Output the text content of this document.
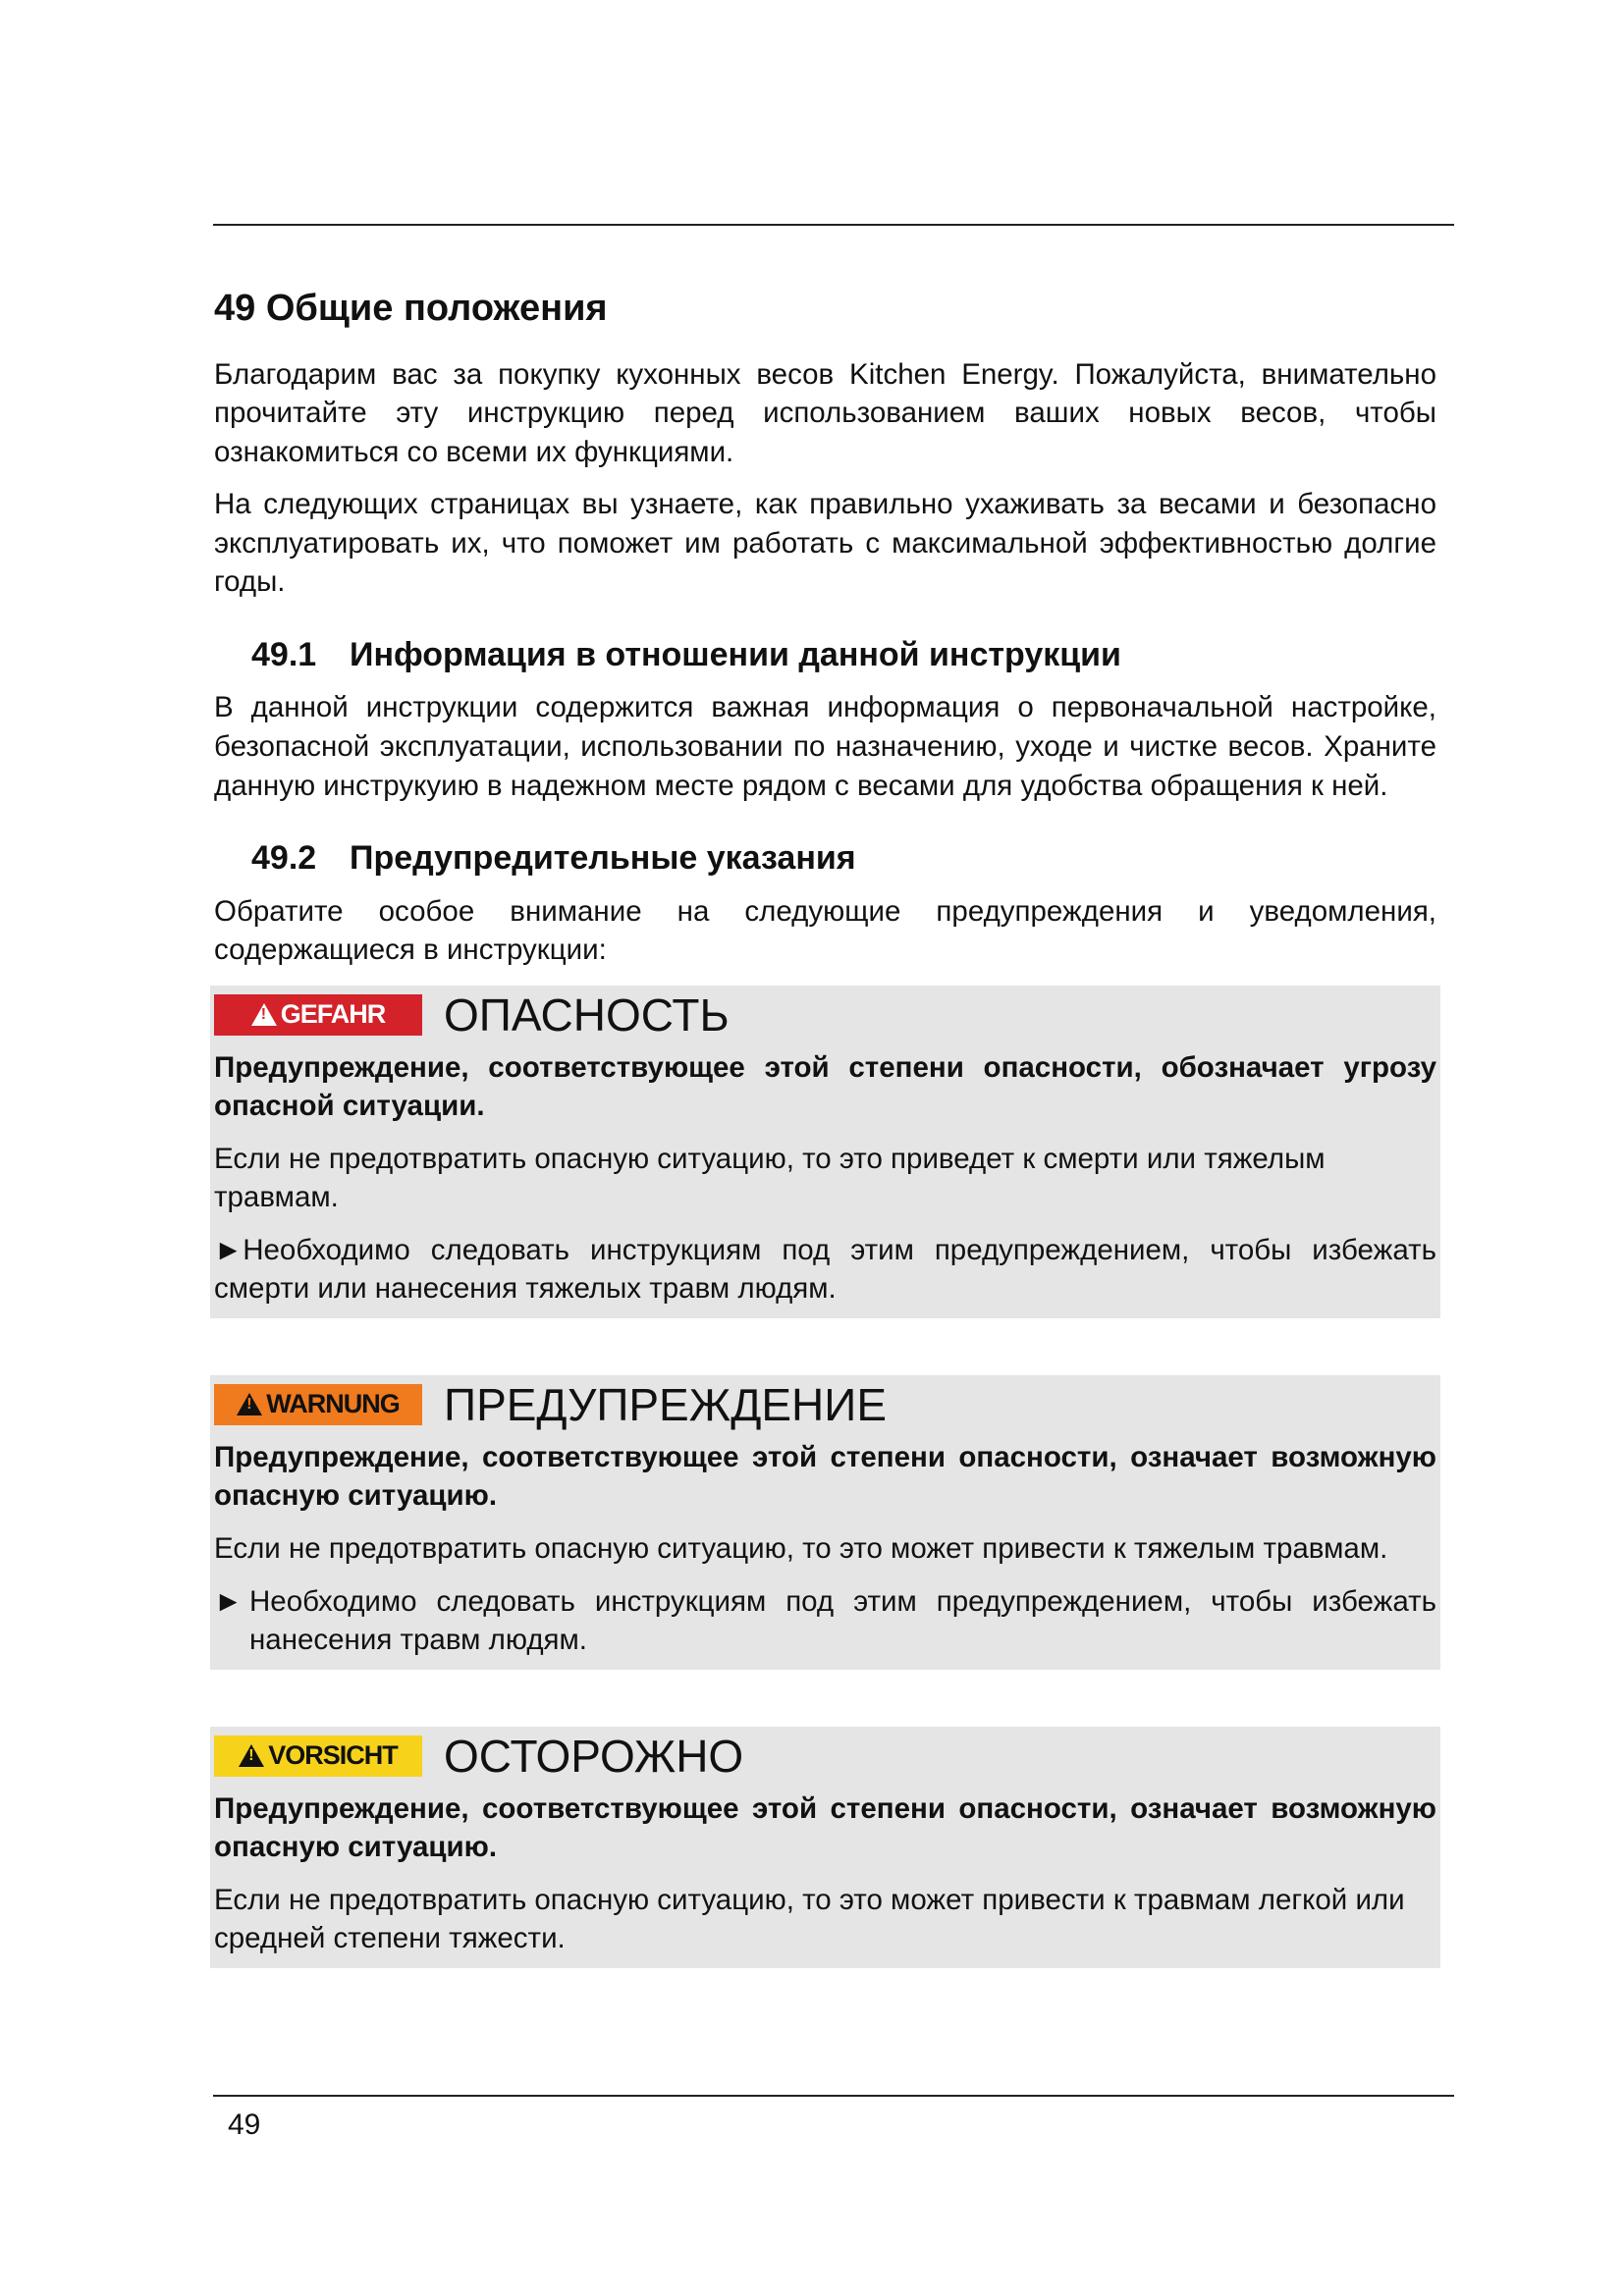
49 Общие положения

Благодарим вас за покупку кухонных весов Kitchen Energy. Пожалуйста, внимательно прочитайте эту инструкцию перед использованием ваших новых весов, чтобы ознакомиться со всеми их функциями.

На следующих страницах вы узнаете, как правильно ухаживать за весами и безопасно эксплуатировать их, что поможет им работать с максимальной эффективностью долгие годы.

49.1 Информация в отношении данной инструкции

В данной инструкции содержится важная информация о первоначальной настройке, безопасной эксплуатации, использовании по назначению, уходе и чистке весов. Храните данную инструкуию в надежном месте рядом с весами для удобства обращения к ней.

49.2 Предупредительные указания

Обратите особое внимание на следующие предупреждения и уведомления, содержащиеся в инструкции:

!
GEFAHR ОПАСНОСТЬ

Предупреждение, соответствующее этой степени опасности, обозначает угрозу опасной ситуации.

Если не предотвратить опасную ситуацию, то это приведет к смерти или тяжелым травмам.

►Необходимо следовать инструкциям под этим предупреждением, чтобы избежать смерти или нанесения тяжелых травм людям.

!
WARNUNG ПРЕДУПРЕЖДЕНИЕ

Предупреждение, соответствующее этой степени опасности, означает возможную опасную ситуацию.

Если не предотвратить опасную ситуацию, то это может привести к тяжелым травмам.

► Необходимо следовать инструкциям под этим предупреждением, чтобы избежать нанесения травм людям.

!
VORSICHT ОСТОРОЖНО

Предупреждение, соответствующее этой степени опасности, означает возможную опасную ситуацию.

Если не предотвратить опасную ситуацию, то это может привести к травмам легкой или средней степени тяжести.

49
